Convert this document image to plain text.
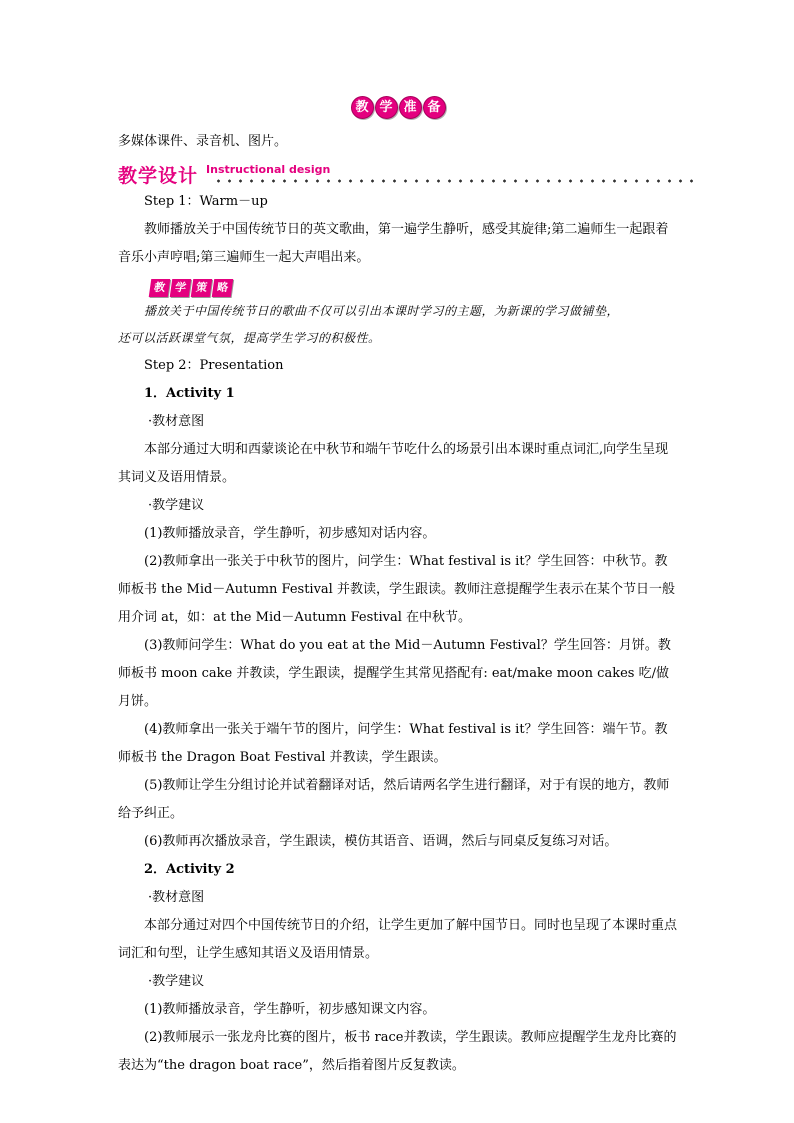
教 学 准 备
多媒体课件、录音机、图片。
教学设计 Instructional design
Step 1：Warm－up
教师播放关于中国传统节日的英文歌曲，第一遍学生静听，感受其旋律;第二遍师生一起跟着音乐小声哼唱;第三遍师生一起大声唱出来。
教 学 策 略
播放关于中国传统节日的歌曲不仅可以引出本课时学习的主题，为新课的学习做铺垫，
还可以活跃课堂气氛，提高学生学习的积极性。
Step 2：Presentation
1．Activity 1
·教材意图
本部分通过大明和西蒙谈论在中秋节和端午节吃什么的场景引出本课时重点词汇,向学生呈现其词义及语用情景。
·教学建议
(1)教师播放录音，学生静听，初步感知对话内容。
(2)教师拿出一张关于中秋节的图片，问学生：What festival is it？学生回答：中秋节。教师板书 the Mid－Autumn Festival 并教读，学生跟读。教师注意提醒学生表示在某个节日一般用介词 at，如：at the Mid－Autumn Festival 在中秋节。
(3)教师问学生：What do you eat at the Mid－Autumn Festival？学生回答：月饼。教师板书 moon cake 并教读，学生跟读，提醒学生其常见搭配有: eat/make moon cakes 吃/做月饼。
(4)教师拿出一张关于端午节的图片，问学生：What festival is it？学生回答：端午节。教师板书 the Dragon Boat Festival 并教读，学生跟读。
(5)教师让学生分组讨论并试着翻译对话，然后请两名学生进行翻译，对于有误的地方，教师给予纠正。
(6)教师再次播放录音，学生跟读，模仿其语音、语调，然后与同桌反复练习对话。
2．Activity 2
·教材意图
本部分通过对四个中国传统节日的介绍，让学生更加了解中国节日。同时也呈现了本课时重点词汇和句型，让学生感知其语义及语用情景。
·教学建议
(1)教师播放录音，学生静听，初步感知课文内容。
(2)教师展示一张龙舟比赛的图片，板书 race并教读，学生跟读。教师应提醒学生龙舟比赛的表达为“the dragon boat race”，然后指着图片反复教读。
